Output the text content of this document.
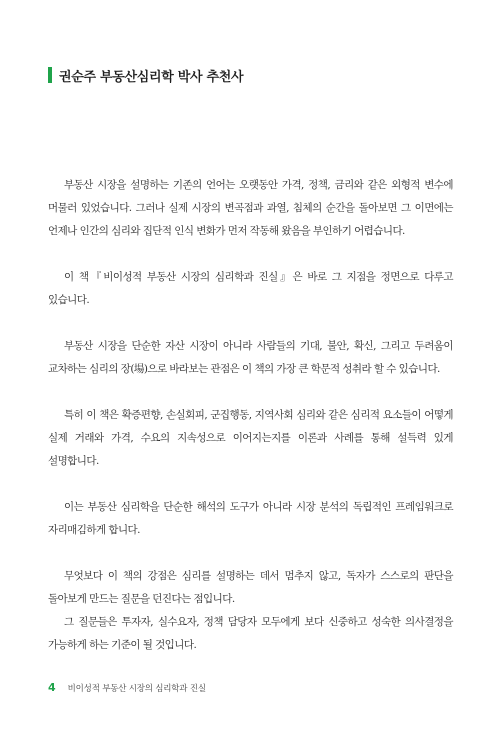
권순주 부동산심리학 박사 추천사

부동산 시장을 설명하는 기존의 언어는 오랫동안 가격, 정책, 금리와 같은 외형적 변수에 머물러 있었습니다. 그러나 실제 시장의 변곡점과 과열, 침체의 순간을 돌아보면 그 이면에는 언제나 인간의 심리와 집단적 인식 변화가 먼저 작동해 왔음을 부인하기 어렵습니다.

이 책『비이성적 부동산 시장의 심리학과 진실』은 바로 그 지점을 정면으로 다루고 있습니다.

부동산 시장을 단순한 자산 시장이 아니라 사람들의 기대, 불안, 확신, 그리고 두려움이 교차하는 심리의 장(場)으로 바라보는 관점은 이 책의 가장 큰 학문적 성취라 할 수 있습니다.

특히 이 책은 확증편향, 손실회피, 군집행동, 지역사회 심리와 같은 심리적 요소들이 어떻게 실제 거래와 가격, 수요의 지속성으로 이어지는지를 이론과 사례를 통해 설득력 있게 설명합니다.

이는 부동산 심리학을 단순한 해석의 도구가 아니라 시장 분석의 독립적인 프레임워크로 자리매김하게 합니다.

무엇보다 이 책의 강점은 심리를 설명하는 데서 멈추지 않고, 독자가 스스로의 판단을 돌아보게 만드는 질문을 던진다는 점입니다.

그 질문들은 투자자, 실수요자, 정책 담당자 모두에게 보다 신중하고 성숙한 의사결정을 가능하게 하는 기준이 될 것입니다.

4 비이성적 부동산 시장의 심리학과 진실
